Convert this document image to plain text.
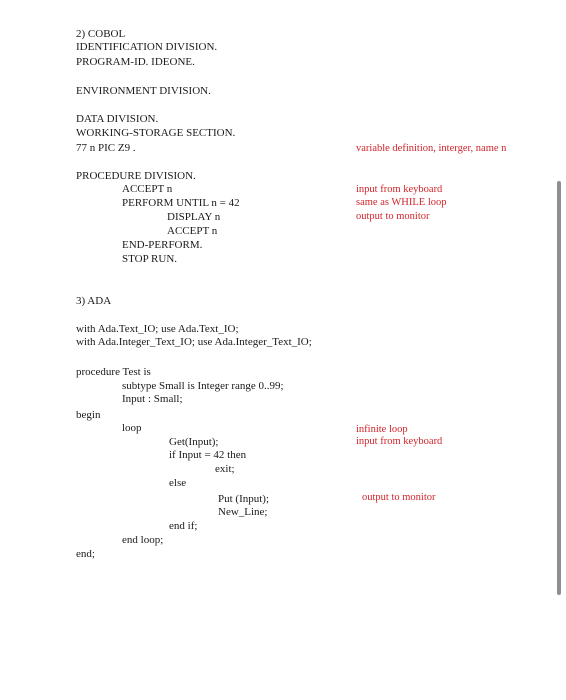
2) COBOL
IDENTIFICATION DIVISION.
PROGRAM-ID. IDEONE.
ENVIRONMENT DIVISION.
DATA DIVISION.
WORKING-STORAGE SECTION.
77 n PIC Z9 .	variable definition, interger, name n
PROCEDURE DIVISION.
ACCEPT n	input from keyboard
PERFORM UNTIL n = 42	same as WHILE loop
DISPLAY n	output to monitor
ACCEPT n
END-PERFORM.
STOP RUN.
3) ADA
with Ada.Text_IO; use Ada.Text_IO;
with Ada.Integer_Text_IO; use Ada.Integer_Text_IO;
procedure Test is
subtype Small is Integer range 0..99;
Input : Small;
begin
loop	infinite loop
input from keyboard
Get(Input);
if Input = 42 then
exit;
else
Put (Input);	output to monitor
New_Line;
end if;
end loop;
end;
